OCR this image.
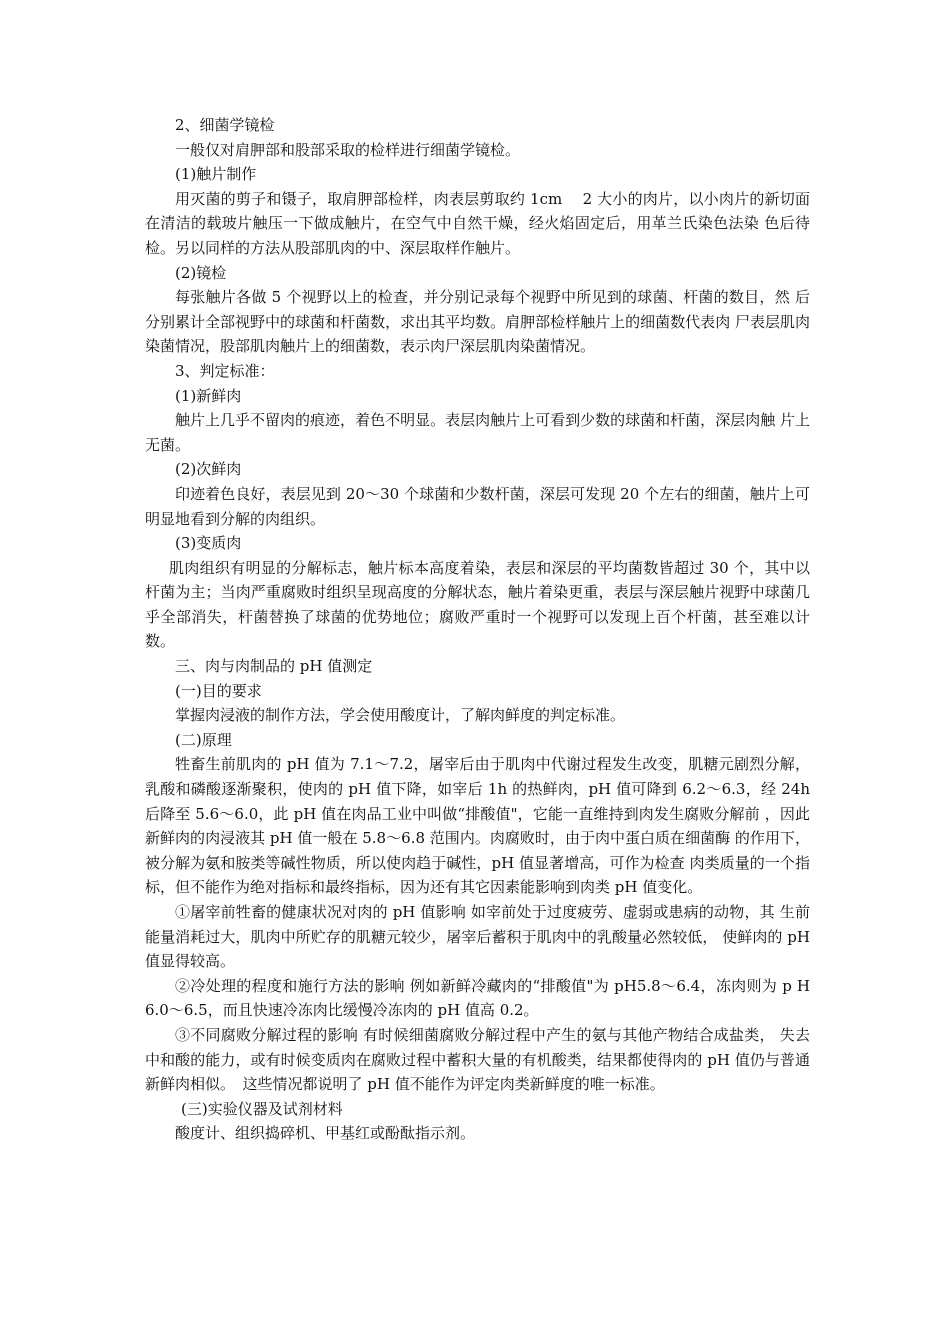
2、细菌学镜检

一般仅对肩胛部和股部采取的检样进行细菌学镜检。

(1)触片制作

用灭菌的剪子和镊子，取肩胛部检样，肉表层剪取约 1cm　 2 大小的肉片，以小肉片的新切面 在清洁的载玻片触压一下做成触片，在空气中自然干燥，经火焰固定后，用革兰氏染色法染 色后待检。另以同样的方法从股部肌肉的中、深层取样作触片。

(2)镜检

每张触片各做 5 个视野以上的检查，并分别记录每个视野中所见到的球菌、杆菌的数目，然 后分别累计全部视野中的球菌和杆菌数，求出其平均数。肩胛部检样触片上的细菌数代表肉 尸表层肌肉染菌情况，股部肌肉触片上的细菌数，表示肉尸深层肌肉染菌情况。

3、判定标准：

(1)新鲜肉

触片上几乎不留肉的痕迹，着色不明显。表层肉触片上可看到少数的球菌和杆菌，深层肉触 片上无菌。

(2)次鲜肉

印迹着色良好，表层见到 20～30 个球菌和少数杆菌，深层可发现 20 个左右的细菌，触片上可明显地看到分解的肉组织。

(3)变质肉

肌肉组织有明显的分解标志，触片标本高度着染，表层和深层的平均菌数皆超过 30 个，其中以杆菌为主；当肉严重腐败时组织呈现高度的分解状态，触片着染更重，表层与深层触片视野中球菌几乎全部消失，杆菌替换了球菌的优势地位；腐败严重时一个视野可以发现上百个杆菌，甚至难以计数。

三、肉与肉制品的 pH 值测定　

(一)目的要求

掌握肉浸液的制作方法，学会使用酸度计，了解肉鲜度的判定标准。

(二)原理

牲畜生前肌肉的 pH 值为 7.1～7.2，屠宰后由于肌肉中代谢过程发生改变，肌糖元剧烈分解， 乳酸和磷酸逐渐聚积，使肉的 pH 值下降，如宰后 1h 的热鲜肉，pH 值可降到 6.2～6.3，经 24h 后降至 5.6～6.0，此 pH 值在肉品工业中叫做“排酸值"，它能一直维持到肉发生腐败分解前 ，因此新鲜肉的肉浸液其 pH 值一般在 5.8～6.8 范围内。肉腐败时，由于肉中蛋白质在细菌酶 的作用下，被分解为氨和胺类等碱性物质，所以使肉趋于碱性，pH 值显著增高，可作为检查 肉类质量的一个指标，但不能作为绝对指标和最终指标，因为还有其它因素能影响到肉类 pH 值变化。

①屠宰前牲畜的健康状况对肉的 pH 值影响 如宰前处于过度疲劳、虚弱或患病的动物，其 生前能量消耗过大，肌肉中所贮存的肌糖元较少，屠宰后蓄积于肌肉中的乳酸量必然较低， 使鲜肉的 pH 值显得较高。

②冷处理的程度和施行方法的影响 例如新鲜冷藏肉的“排酸值"为 pH5.8～6.4，冻肉则为 p H6.0～6.5，而且快速冷冻肉比缓慢冷冻肉的 pH 值高 0.2。

③不同腐败分解过程的影响 有时候细菌腐败分解过程中产生的氨与其他产物结合成盐类， 失去中和酸的能力，或有时候变质肉在腐败过程中蓄积大量的有机酸类，结果都使得肉的 pH 值仍与普通新鲜肉相似。　这些情况都说明了 pH 值不能作为评定肉类新鲜度的唯一标准。

(三)实验仪器及试剂材料

酸度计、组织捣碎机、甲基红或酚酞指示剂。
